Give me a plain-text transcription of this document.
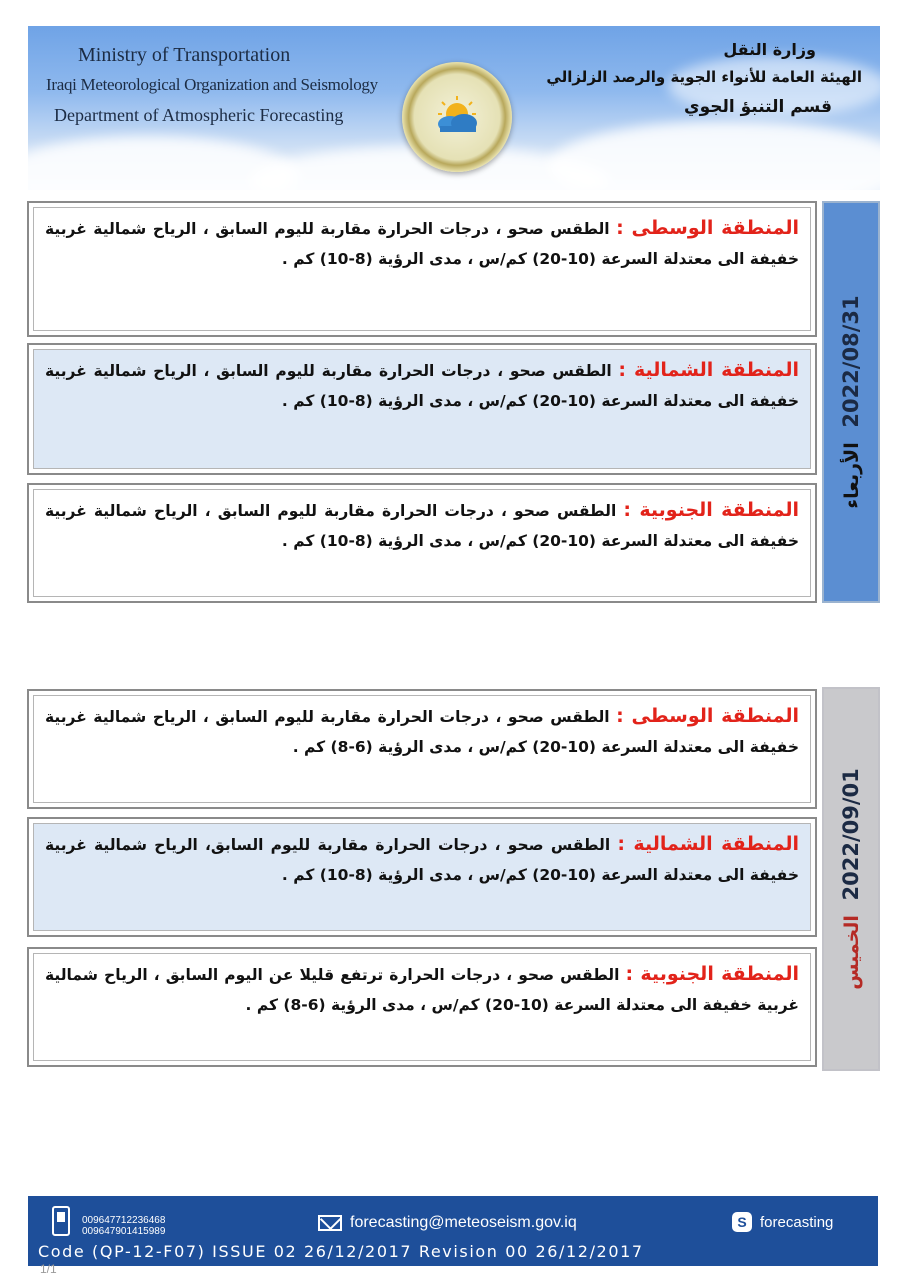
Ministry of Transportation
Iraqi Meteorological Organization and Seismology
Department of Atmospheric Forecasting
وزارة النقل
الهيئة العامة للأنواء الجوية والرصد الزلزالي
قسم التنبؤ الجوي
المنطقة الوسطى : الطقس صحو ، درجات الحرارة مقاربة لليوم السابق ، الرياح شمالية غربية خفيفة الى معتدلة السرعة (10-20) كم/س ، مدى الرؤية (8-10) كم .
المنطقة الشمالية : الطقس صحو ، درجات الحرارة مقاربة لليوم السابق ، الرياح شمالية غربية خفيفة الى معتدلة السرعة (10-20) كم/س ، مدى الرؤية (8-10) كم .
المنطقة الجنوبية : الطقس صحو ، درجات الحرارة مقاربة لليوم السابق ، الرياح شمالية غربية خفيفة الى معتدلة السرعة (10-20) كم/س ، مدى الرؤية (8-10) كم .
2022/08/31  الأربعاء
المنطقة الوسطى : الطقس صحو ، درجات الحرارة مقاربة لليوم السابق ، الرياح شمالية غربية خفيفة الى معتدلة السرعة (10-20) كم/س ، مدى الرؤية (6-8) كم .
المنطقة الشمالية : الطقس صحو ، درجات الحرارة مقاربة لليوم السابق، الرياح شمالية غربية خفيفة الى معتدلة السرعة (10-20) كم/س ، مدى الرؤية (8-10) كم .
المنطقة الجنوبية : الطقس صحو ، درجات الحرارة ترتفع قليلا عن اليوم السابق ، الرياح شمالية غربية خفيفة الى معتدلة السرعة (10-20) كم/س ، مدى الرؤية (6-8) كم .
2022/09/01  الخميس
009647712236468
009647901415989
forecasting@meteoseism.gov.iq	S forecasting
Code (QP-12-F07) ISSUE 02 26/12/2017 Revision 00 26/12/2017
1/1
